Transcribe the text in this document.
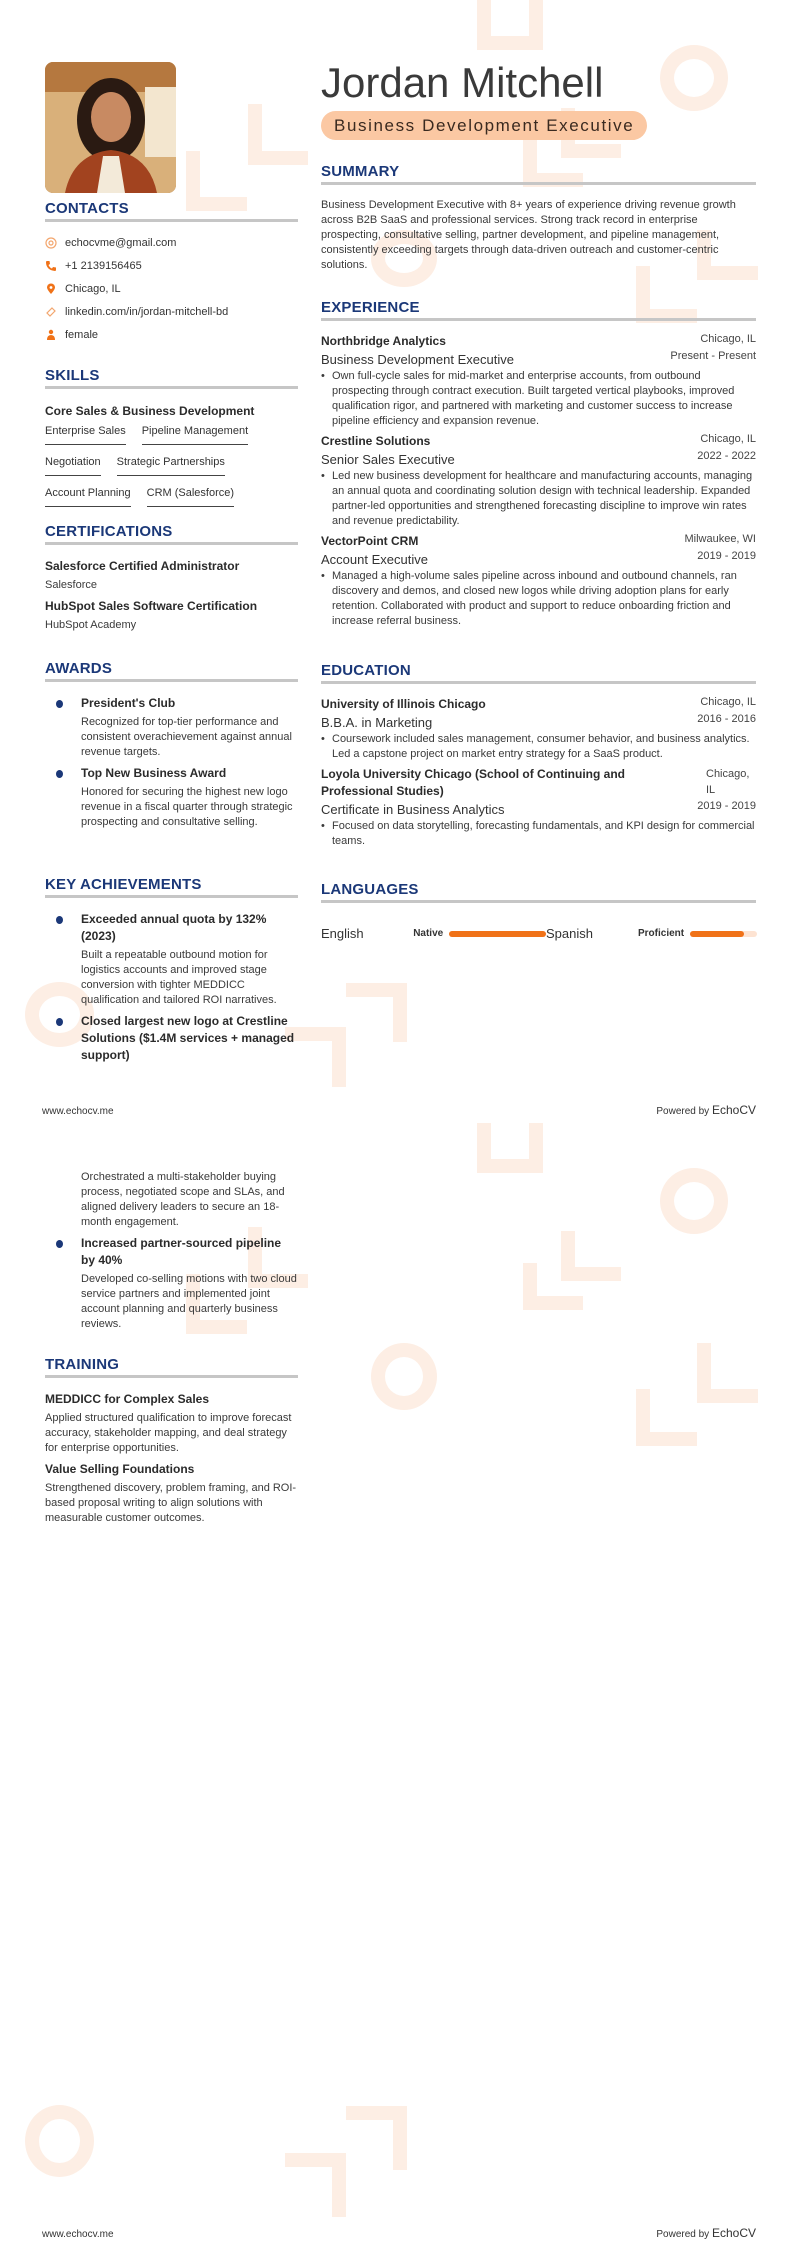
Jordan Mitchell
Business Development Executive
CONTACTS
echocvme@gmail.com
+1 2139156465
Chicago, IL
linkedin.com/in/jordan-mitchell-bd
female
SKILLS
Core Sales & Business Development
Enterprise Sales Pipeline Management
Negotiation Strategic Partnerships
Account Planning CRM (Salesforce)
CERTIFICATIONS
Salesforce Certified Administrator
Salesforce
HubSpot Sales Software Certification
HubSpot Academy
AWARDS
President's Club
Recognized for top-tier performance and consistent overachievement against annual revenue targets.
Top New Business Award
Honored for securing the highest new logo revenue in a fiscal quarter through strategic prospecting and consultative selling.
KEY ACHIEVEMENTS
Exceeded annual quota by 132% (2023)
Built a repeatable outbound motion for logistics accounts and improved stage conversion with tighter MEDDICC qualification and tailored ROI narratives.
Closed largest new logo at Crestline Solutions ($1.4M services + managed support)
SUMMARY
Business Development Executive with 8+ years of experience driving revenue growth across B2B SaaS and professional services. Strong track record in enterprise prospecting, consultative selling, partner development, and pipeline management, consistently exceeding targets through data-driven outreach and customer-centric solutions.
EXPERIENCE
Northbridge Analytics	Chicago, IL
Business Development Executive	Present - Present
• Own full-cycle sales for mid-market and enterprise accounts, from outbound prospecting through contract execution. Built targeted vertical playbooks, improved qualification rigor, and partnered with marketing and customer success to increase pipeline efficiency and expansion revenue.
Crestline Solutions	Chicago, IL
Senior Sales Executive	2022 - 2022
• Led new business development for healthcare and manufacturing accounts, managing an annual quota and coordinating solution design with technical leadership. Expanded partner-led opportunities and strengthened forecasting discipline to improve win rates and revenue predictability.
VectorPoint CRM	Milwaukee, WI
Account Executive	2019 - 2019
• Managed a high-volume sales pipeline across inbound and outbound channels, ran discovery and demos, and closed new logos while driving adoption plans for early retention. Collaborated with product and support to reduce onboarding friction and increase referral business.
EDUCATION
University of Illinois Chicago	Chicago, IL
B.B.A. in Marketing	2016 - 2016
• Coursework included sales management, consumer behavior, and business analytics. Led a capstone project on market entry strategy for a SaaS product.
Loyola University Chicago (School of Continuing and Professional Studies)
Chicago, IL
Certificate in Business Analytics	2019 - 2019
• Focused on data storytelling, forecasting fundamentals, and KPI design for commercial teams.
LANGUAGES
English	Native	Spanish	Proficient
www.echocv.me	Powered by EchoCV
Orchestrated a multi-stakeholder buying process, negotiated scope and SLAs, and aligned delivery leaders to secure an 18-month engagement.
Increased partner-sourced pipeline by 40%
Developed co-selling motions with two cloud service partners and implemented joint account planning and quarterly business reviews.
TRAINING
MEDDICC for Complex Sales
Applied structured qualification to improve forecast accuracy, stakeholder mapping, and deal strategy for enterprise opportunities.
Value Selling Foundations
Strengthened discovery, problem framing, and ROI-based proposal writing to align solutions with measurable customer outcomes.
www.echocv.me	Powered by EchoCV
